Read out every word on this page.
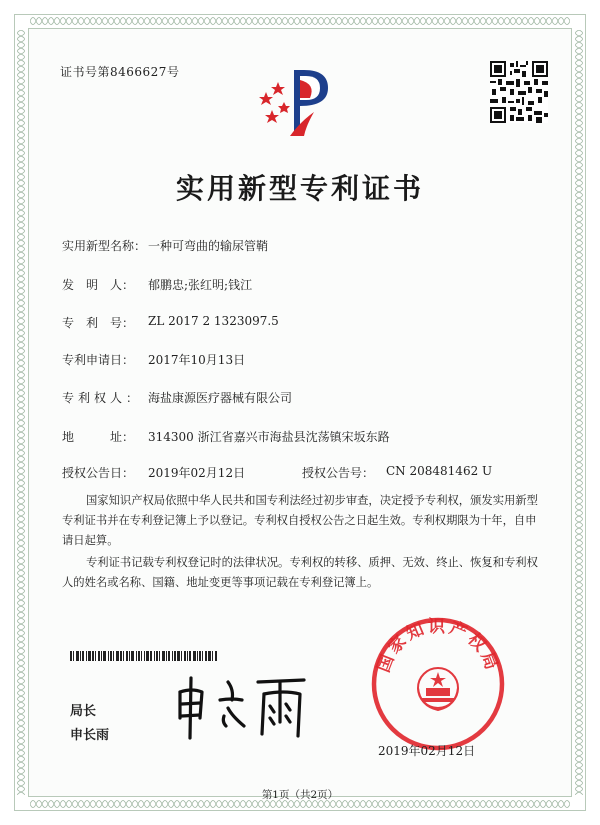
证书号第8466627号
实用新型专利证书
实用新型名称： 一种可弯曲的输尿管鞘
发　明　人： 郁鹏忠;张红明;钱江
专　利　号： ZL 2017 2 1323097.5
专利申请日： 2017年10月13日
专利权人： 海盐康源医疗器械有限公司
地　　　址： 314300 浙江省嘉兴市海盐县沈荡镇宋坂东路
授权公告日： 2019年02月12日	授权公告号： CN 208481462 U
国家知识产权局依照中华人民共和国专利法经过初步审查，决定授予专利权，颁发实用新型专利证书并在专利登记簿上予以登记。专利权自授权公告之日起生效。专利权期限为十年，自申请日起算。
专利证书记载专利权登记时的法律状况。专利权的转移、质押、无效、终止、恢复和专利权人的姓名或名称、国籍、地址变更等事项记载在专利登记簿上。
局长
申长雨
国家知识产权局
2019年02月12日
第1页（共2页）
